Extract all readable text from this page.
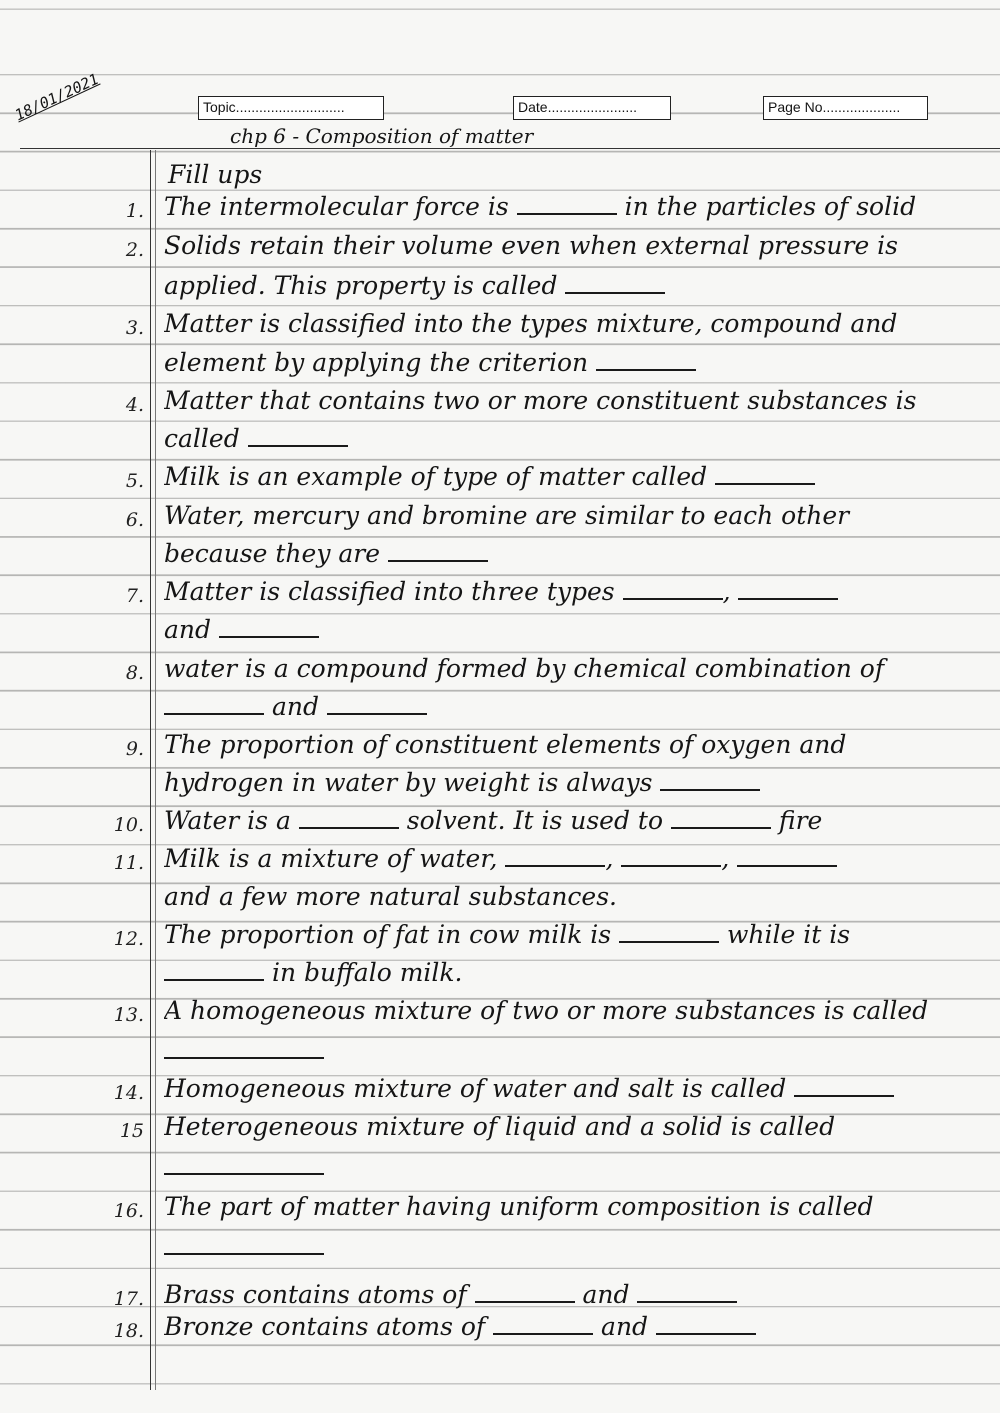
18/01/2021	Topic............................	Date.......................	Page No....................
chp 6 - Composition of matter
Fill ups
1. The intermolecular force is	in the particles of solid
2. Solids retain their volume even when external pressure is
applied. This property is called
3. Matter is classified into the types mixture, compound and
element by applying the criterion
4. Matter that contains two or more constituent substances is
called
5. Milk is an example of type of matter called
6. Water, mercury and bromine are similar to each other
because they are
7. Matter is classified into three types	,
and
8. water is a compound formed by chemical combination of
and
9. The proportion of constituent elements of oxygen and
hydrogen in water by weight is always
10. Water is a	solvent. It is used to	fire
11. Milk is a mixture of water,	,	,
and a few more natural substances.
12. The proportion of fat in cow milk is	while it is
in buffalo milk.
13. A homogeneous mixture of two or more substances is called
14. Homogeneous mixture of water and salt is called
15 Heterogeneous mixture of liquid and a solid is called
16. The part of matter having uniform composition is called
17. Brass contains atoms of	and
18. Bronze contains atoms of	and
